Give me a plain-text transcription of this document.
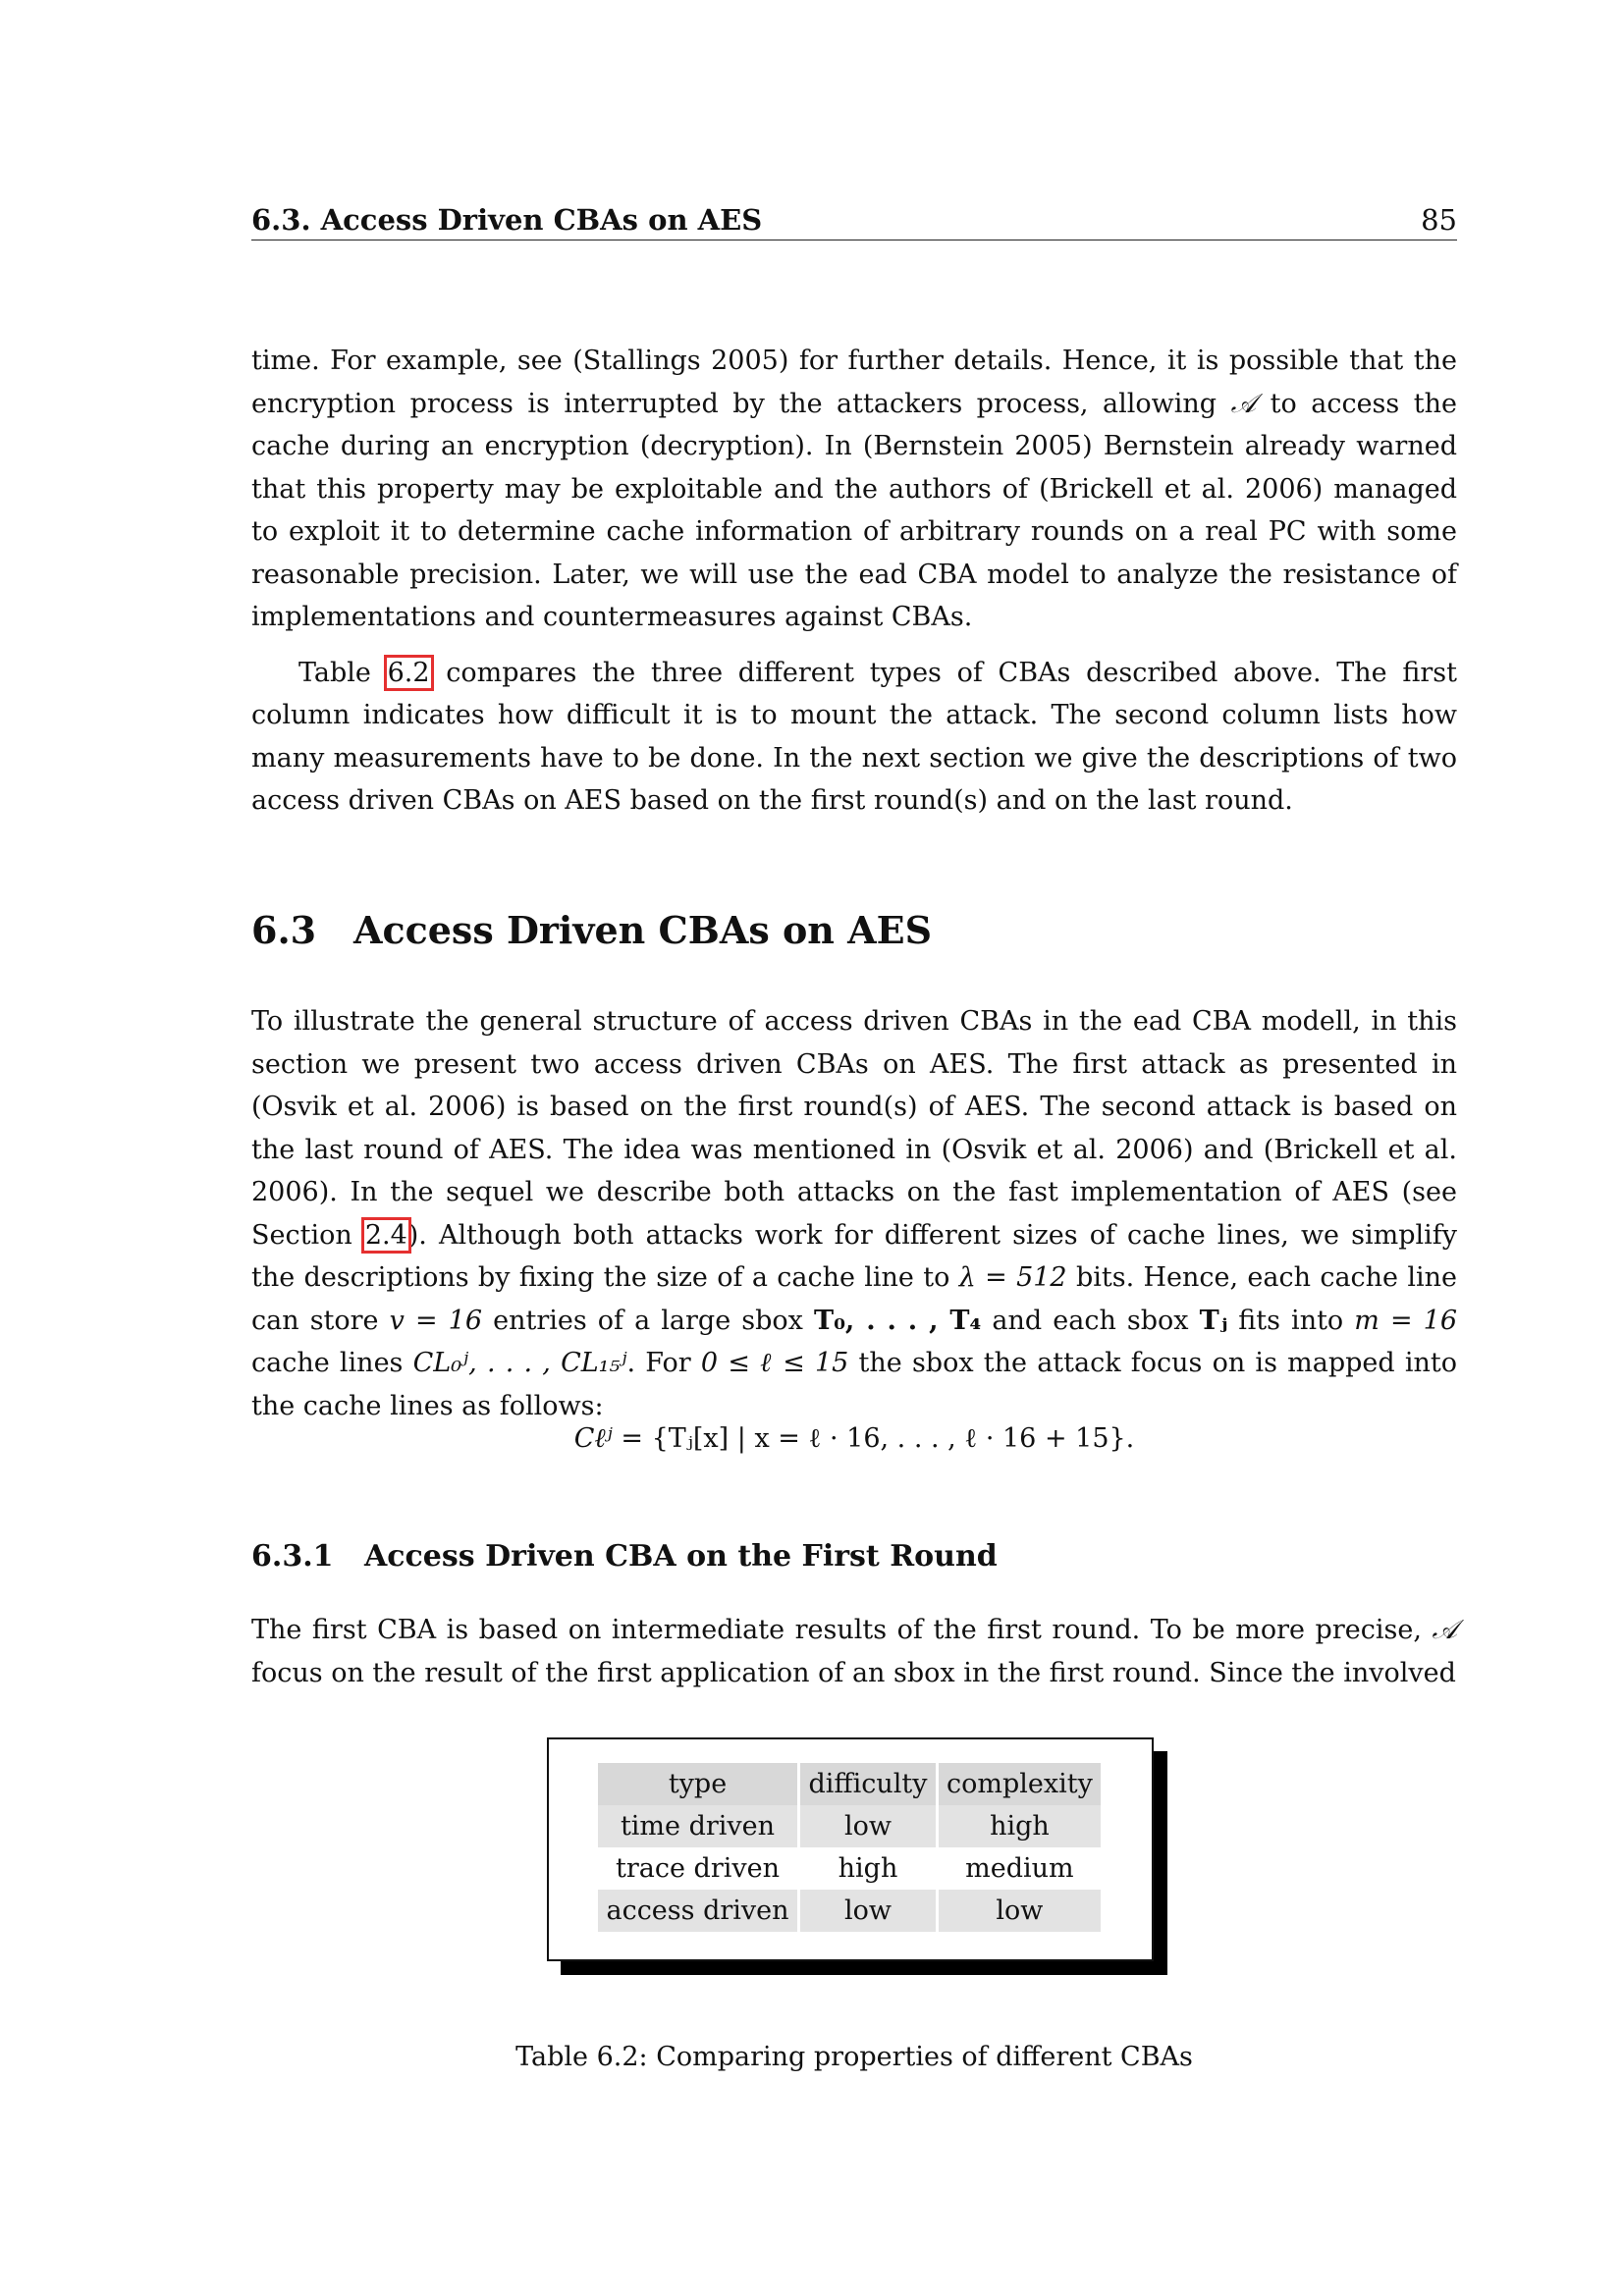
6.3. Access Driven CBAs on AES	85

time. For example, see (Stallings 2005) for further details. Hence, it is possible that the encryption process is interrupted by the attackers process, allowing 𝒜 to access the cache during an encryption (decryption). In (Bernstein 2005) Bernstein already warned that this property may be exploitable and the authors of (Brickell et al. 2006) managed to exploit it to determine cache information of arbitrary rounds on a real PC with some reasonable precision. Later, we will use the ead CBA model to analyze the resistance of implementations and countermeasures against CBAs.

Table 6.2 compares the three different types of CBAs described above. The first column indicates how difficult it is to mount the attack. The second column lists how many measurements have to be done. In the next section we give the descriptions of two access driven CBAs on AES based on the first round(s) and on the last round.

6.3 Access Driven CBAs on AES

To illustrate the general structure of access driven CBAs in the ead CBA modell, in this section we present two access driven CBAs on AES. The first attack as presented in (Osvik et al. 2006) is based on the first round(s) of AES. The second attack is based on the last round of AES. The idea was mentioned in (Osvik et al. 2006) and (Brickell et al. 2006). In the sequel we describe both attacks on the fast implementation of AES (see Section 2.4). Although both attacks work for different sizes of cache lines, we simplify the descriptions by fixing the size of a cache line to λ = 512 bits. Hence, each cache line can store v = 16 entries of a large sbox T₀, . . . , T₄ and each sbox Tⱼ fits into m = 16 cache lines CL₀ʲ, . . . , CL₁₅ʲ. For 0 ≤ ℓ ≤ 15 the sbox the attack focus on is mapped into the cache lines as follows:

Cℓʲ = {Tⱼ[x] | x = ℓ · 16, . . . , ℓ · 16 + 15}.
6.3.1 Access Driven CBA on the First Round

The first CBA is based on intermediate results of the first round. To be more precise, 𝒜 focus on the result of the first application of an sbox in the first round. Since the involved

type	difficulty	complexity
time driven	low	high
trace driven	high	medium
access driven	low	low
Table 6.2: Comparing properties of different CBAs
